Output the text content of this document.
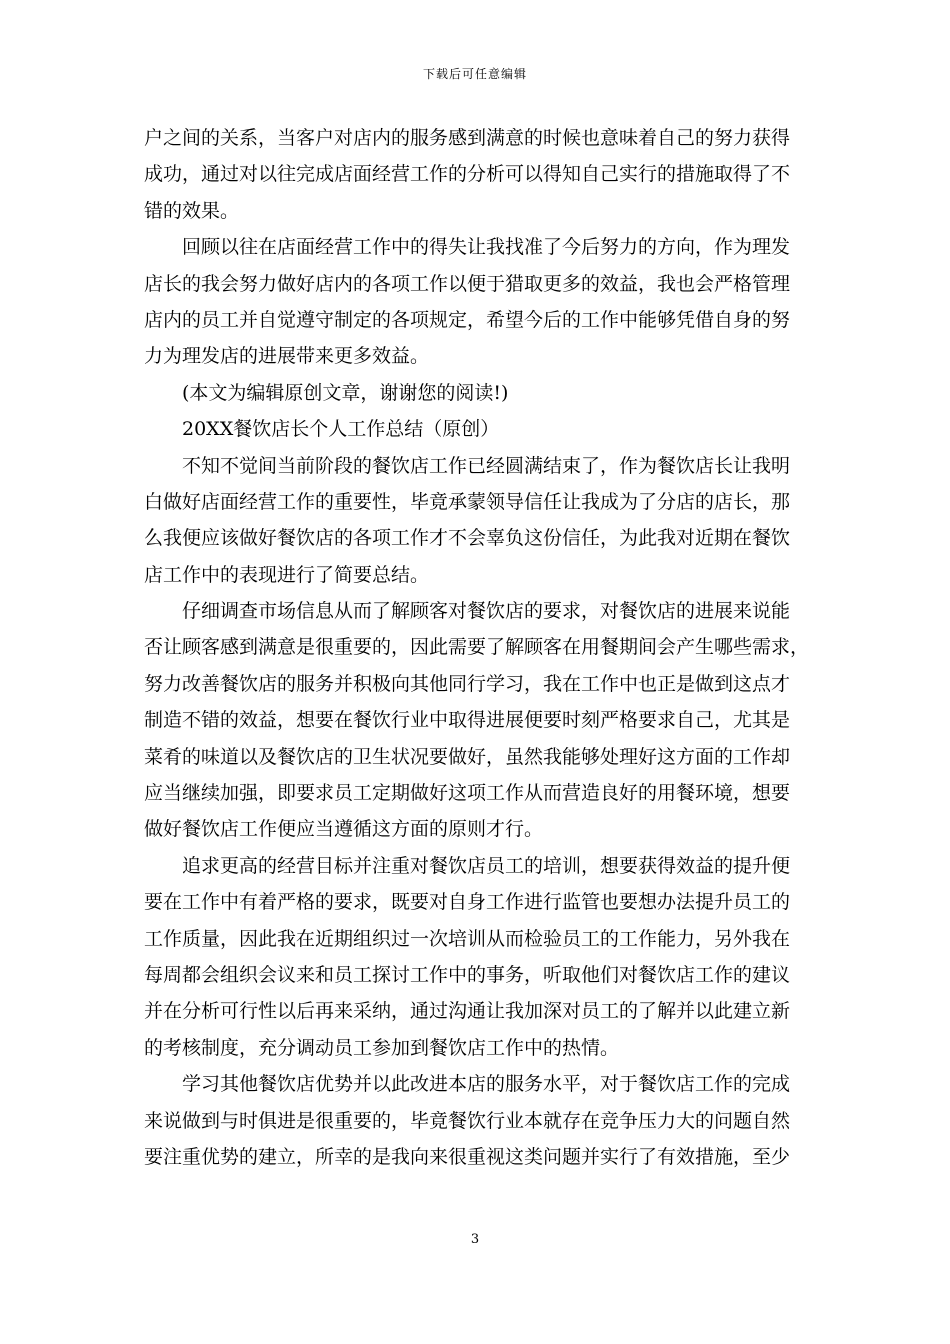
下载后可任意编辑
户之间的关系，当客户对店内的服务感到满意的时候也意味着自己的努力获得
成功，通过对以往完成店面经营工作的分析可以得知自己实行的措施取得了不
错的效果。
回顾以往在店面经营工作中的得失让我找准了今后努力的方向，作为理发
店长的我会努力做好店内的各项工作以便于猎取更多的效益，我也会严格管理
店内的员工并自觉遵守制定的各项规定，希望今后的工作中能够凭借自身的努
力为理发店的进展带来更多效益。
(本文为编辑原创文章，谢谢您的阅读!)
20XX餐饮店长个人工作总结（原创）
不知不觉间当前阶段的餐饮店工作已经圆满结束了，作为餐饮店长让我明
白做好店面经营工作的重要性，毕竟承蒙领导信任让我成为了分店的店长，那
么我便应该做好餐饮店的各项工作才不会辜负这份信任，为此我对近期在餐饮
店工作中的表现进行了简要总结。
仔细调查市场信息从而了解顾客对餐饮店的要求，对餐饮店的进展来说能
否让顾客感到满意是很重要的，因此需要了解顾客在用餐期间会产生哪些需求，
努力改善餐饮店的服务并积极向其他同行学习，我在工作中也正是做到这点才
制造不错的效益，想要在餐饮行业中取得进展便要时刻严格要求自己，尤其是
菜肴的味道以及餐饮店的卫生状况要做好，虽然我能够处理好这方面的工作却
应当继续加强，即要求员工定期做好这项工作从而营造良好的用餐环境，想要
做好餐饮店工作便应当遵循这方面的原则才行。
追求更高的经营目标并注重对餐饮店员工的培训，想要获得效益的提升便
要在工作中有着严格的要求，既要对自身工作进行监管也要想办法提升员工的
工作质量，因此我在近期组织过一次培训从而检验员工的工作能力，另外我在
每周都会组织会议来和员工探讨工作中的事务，听取他们对餐饮店工作的建议
并在分析可行性以后再来采纳，通过沟通让我加深对员工的了解并以此建立新
的考核制度，充分调动员工参加到餐饮店工作中的热情。
学习其他餐饮店优势并以此改进本店的服务水平，对于餐饮店工作的完成
来说做到与时俱进是很重要的，毕竟餐饮行业本就存在竞争压力大的问题自然
要注重优势的建立，所幸的是我向来很重视这类问题并实行了有效措施，至少
3
